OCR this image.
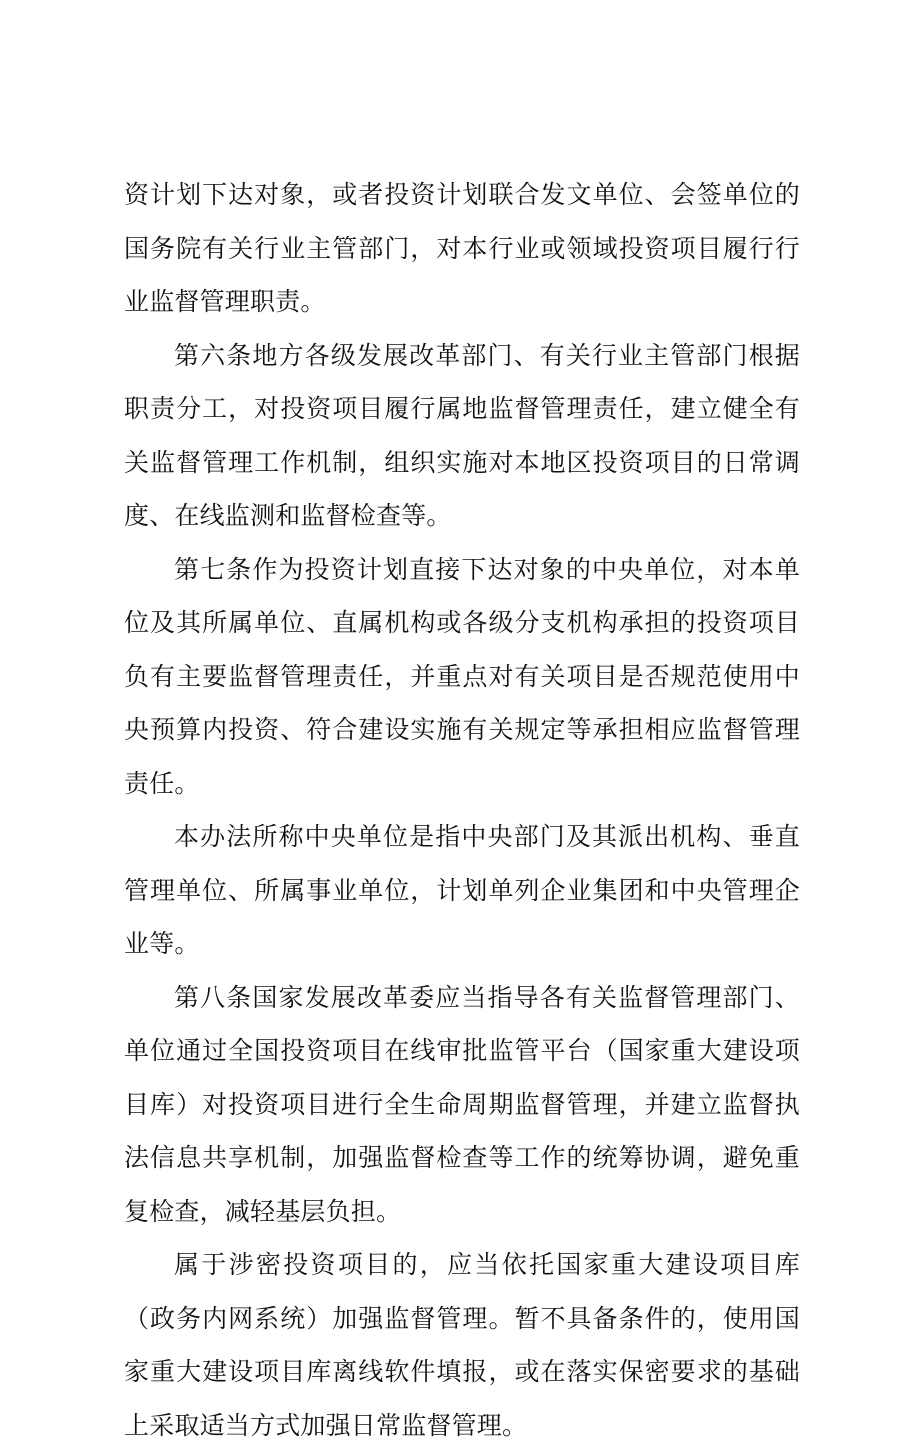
资计划下达对象，或者投资计划联合发文单位、会签单位的国务院有关行业主管部门，对本行业或领域投资项目履行行业监督管理职责。

第六条地方各级发展改革部门、有关行业主管部门根据职责分工，对投资项目履行属地监督管理责任，建立健全有关监督管理工作机制，组织实施对本地区投资项目的日常调度、在线监测和监督检查等。

第七条作为投资计划直接下达对象的中央单位，对本单位及其所属单位、直属机构或各级分支机构承担的投资项目负有主要监督管理责任，并重点对有关项目是否规范使用中央预算内投资、符合建设实施有关规定等承担相应监督管理责任。

本办法所称中央单位是指中央部门及其派出机构、垂直管理单位、所属事业单位，计划单列企业集团和中央管理企业等。

第八条国家发展改革委应当指导各有关监督管理部门、单位通过全国投资项目在线审批监管平台（国家重大建设项目库）对投资项目进行全生命周期监督管理，并建立监督执法信息共享机制，加强监督检查等工作的统筹协调，避免重复检查，减轻基层负担。

属于涉密投资项目的，应当依托国家重大建设项目库（政务内网系统）加强监督管理。暂不具备条件的，使用国家重大建设项目库离线软件填报，或在落实保密要求的基础上采取适当方式加强日常监督管理。
